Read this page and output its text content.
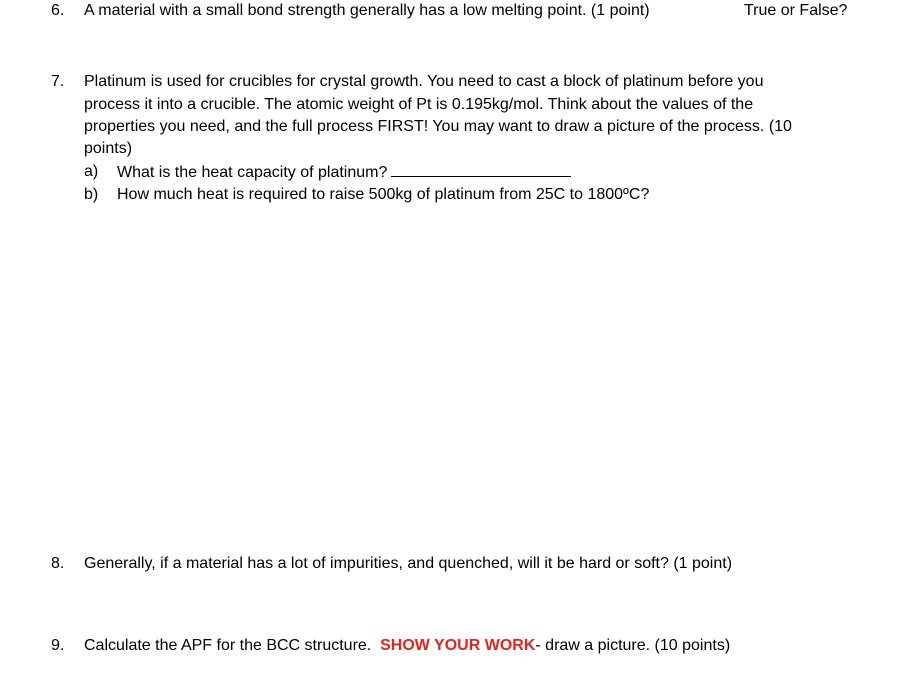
6. A material with a small bond strength generally has a low melting point. (1 point)	True or False?
7. Platinum is used for crucibles for crystal growth. You need to cast a block of platinum before you
process it into a crucible. The atomic weight of Pt is 0.195kg/mol. Think about the values of the
properties you need, and the full process FIRST! You may want to draw a picture of the process. (10
points)
a) What is the heat capacity of platinum?
b) How much heat is required to raise 500kg of platinum from 25C to 1800ºC?
8. Generally, if a material has a lot of impurities, and quenched, will it be hard or soft? (1 point)
9. Calculate the APF for the BCC structure. SHOW YOUR WORK- draw a picture. (10 points)
